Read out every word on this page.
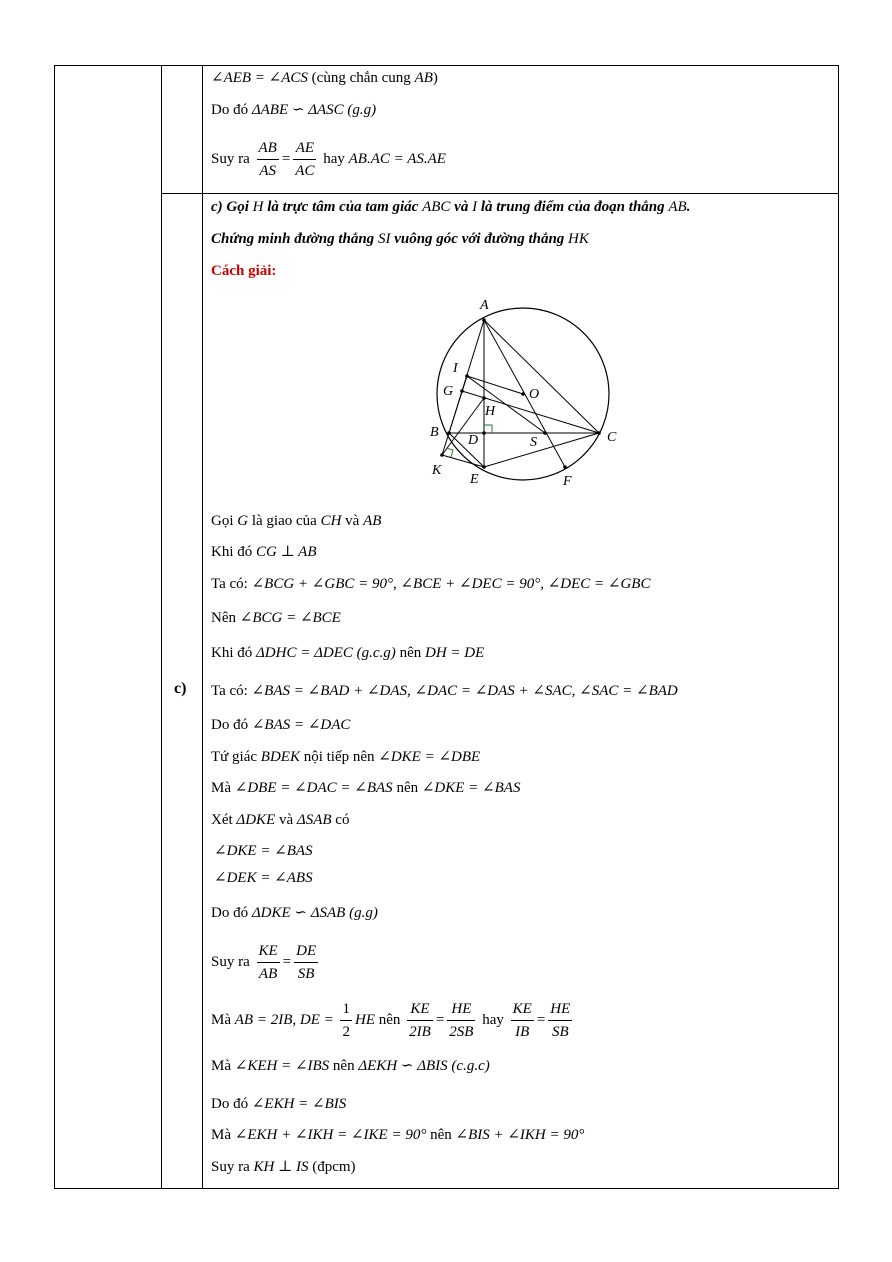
∠AEB = ∠ACS (cùng chắn cung AB)
Do đó ΔABE ∽ ΔASC (g.g)
Suy ra $\frac{AB}{AS} = \frac{AE}{AC}$ hay AB.AC = AS.AE
c)
c) Gọi H là trực tâm của tam giác ABC và I là trung điểm của đoạn thẳng AB.
Chứng minh đường thẳng SI vuông góc với đường thẳng HK
Cách giải:
A
I
G	O
H
B
D	S	C
K
E	F
Gọi G là giao của CH và AB
Khi đó CG ⊥ AB
Ta có: ∠BCG + ∠GBC = 90°, ∠BCE + ∠DEC = 90°, ∠DEC = ∠GBC
Nên ∠BCG = ∠BCE
Khi đó ΔDHC = ΔDEC (g.c.g) nên DH = DE
Ta có: ∠BAS = ∠BAD + ∠DAS, ∠DAC = ∠DAS + ∠SAC, ∠SAC = ∠BAD
Do đó ∠BAS = ∠DAC
Tứ giác BDEK nội tiếp nên ∠DKE = ∠DBE
Mà ∠DBE = ∠DAC = ∠BAS nên ∠DKE = ∠BAS
Xét ΔDKE và ΔSAB có
∠DKE = ∠BAS
∠DEK = ∠ABS
Do đó ΔDKE ∽ ΔSAB (g.g)
Suy ra $\frac{KE}{AB} = \frac{DE}{SB}$
Mà AB = 2IB, DE = $\frac{1}{2}$ HE nên $\frac{KE}{2IB} = \frac{HE}{2SB}$ hay $\frac{KE}{IB} = \frac{HE}{SB}$
Mà ∠KEH = ∠IBS nên ΔEKH ∽ ΔBIS (c.g.c)
Do đó ∠EKH = ∠BIS
Mà ∠EKH + ∠IKH = ∠IKE = 90° nên ∠BIS + ∠IKH = 90°
Suy ra KH ⊥ IS (đpcm)
